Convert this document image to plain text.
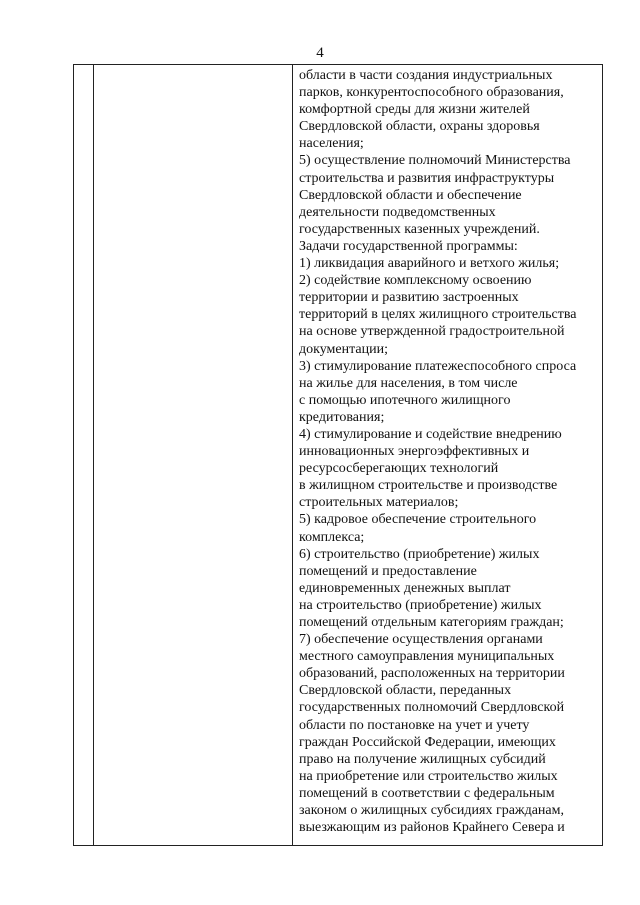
4
области в части создания индустриальных
парков, конкурентоспособного образования,
комфортной среды для жизни жителей
Свердловской области, охраны здоровья
населения;
5) осуществление полномочий Министерства
строительства и развития инфраструктуры
Свердловской области и обеспечение
деятельности подведомственных
государственных казенных учреждений.
Задачи государственной программы:
1) ликвидация аварийного и ветхого жилья;
2) содействие комплексному освоению
территории и развитию застроенных
территорий в целях жилищного строительства
на основе утвержденной градостроительной
документации;
3) стимулирование платежеспособного спроса
на жилье для населения, в том числе
с помощью ипотечного жилищного
кредитования;
4) стимулирование и содействие внедрению
инновационных энергоэффективных и
ресурсосберегающих технологий
в жилищном строительстве и производстве
строительных материалов;
5) кадровое обеспечение строительного
комплекса;
6) строительство (приобретение) жилых
помещений и предоставление
единовременных денежных выплат
на строительство (приобретение) жилых
помещений отдельным категориям граждан;
7) обеспечение осуществления органами
местного самоуправления муниципальных
образований, расположенных на территории
Свердловской области, переданных
государственных полномочий Свердловской
области по постановке на учет и учету
граждан Российской Федерации, имеющих
право на получение жилищных субсидий
на приобретение или строительство жилых
помещений в соответствии с федеральным
законом о жилищных субсидиях гражданам,
выезжающим из районов Крайнего Севера и
